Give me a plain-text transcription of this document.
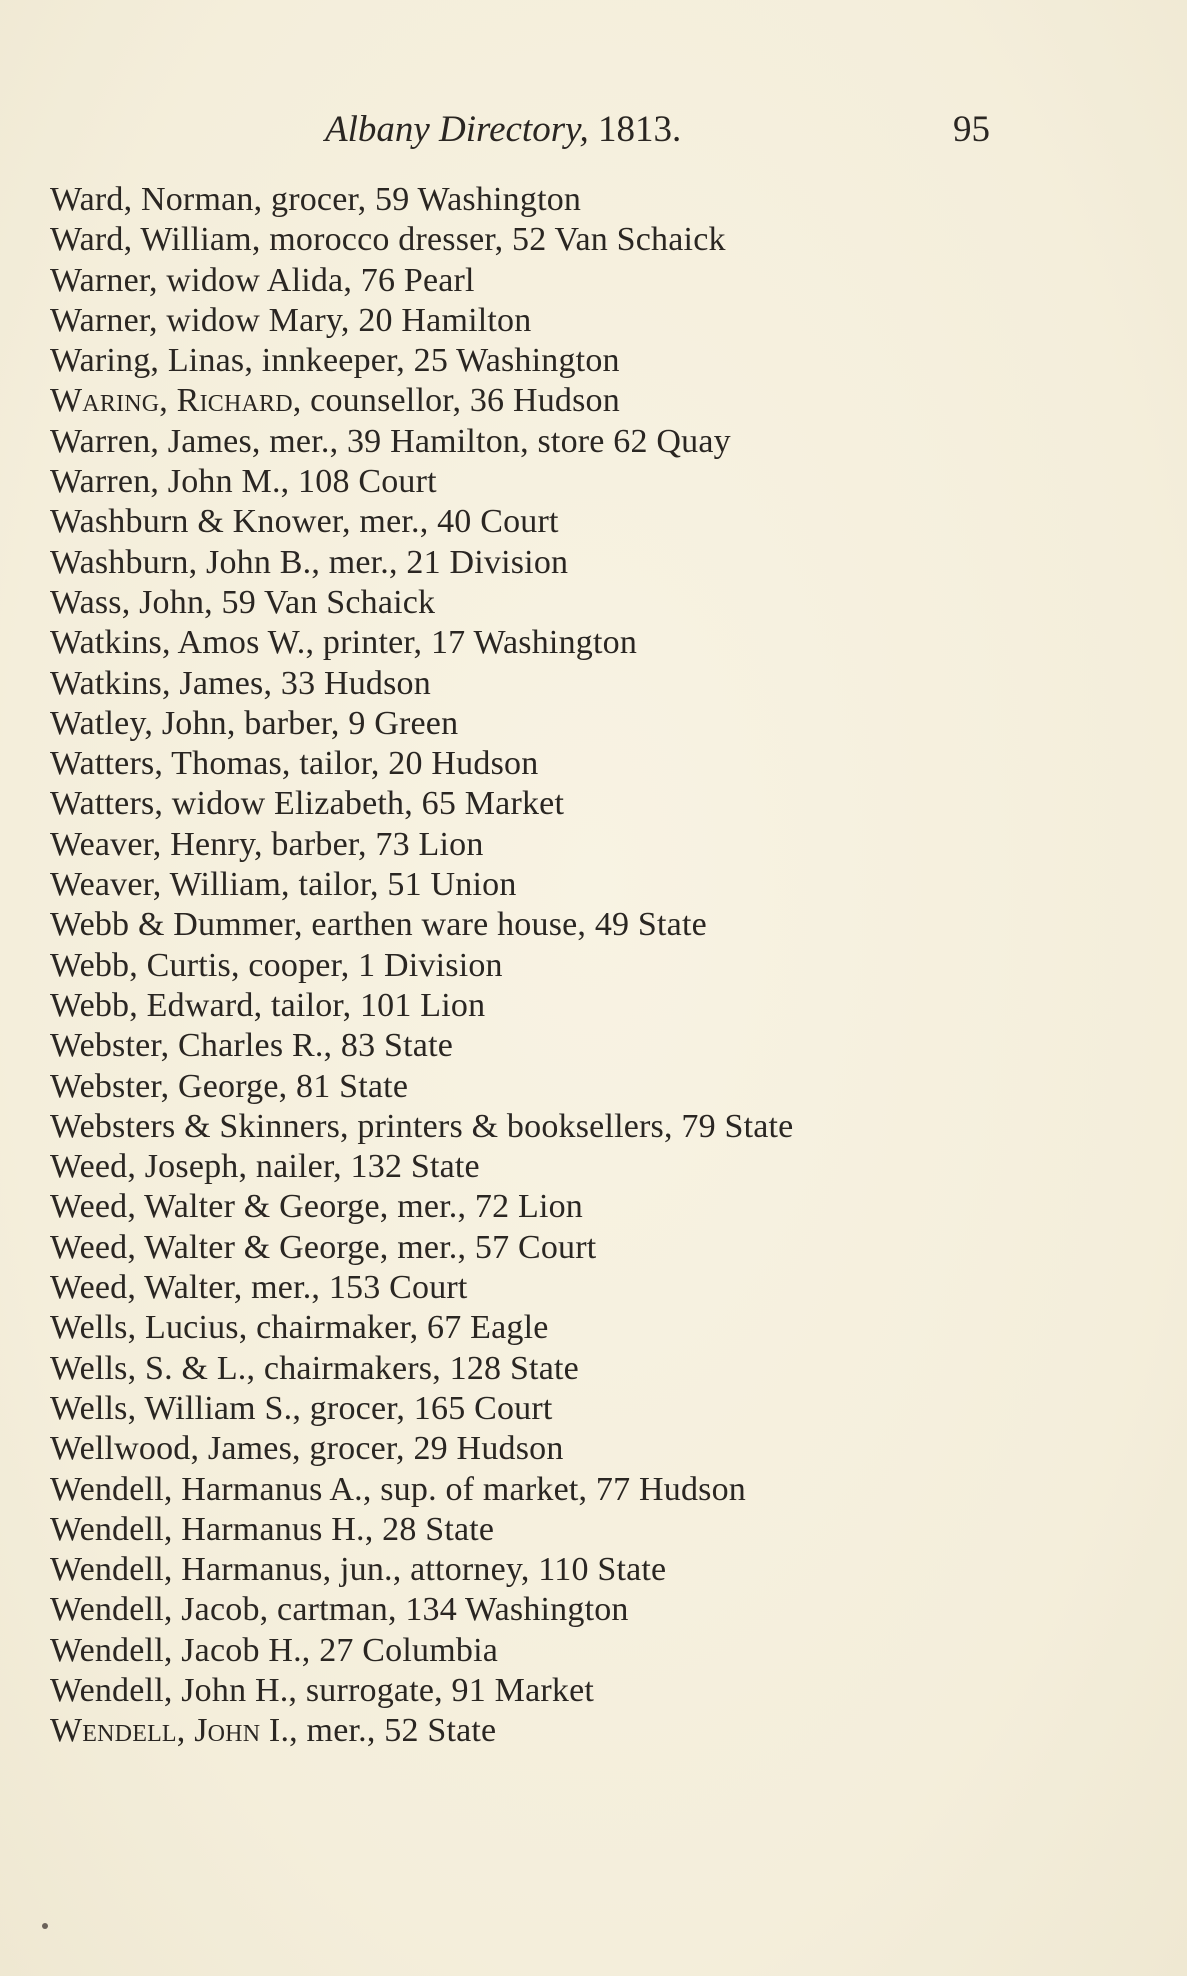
Albany Directory, 1813.	95
Ward, Norman, grocer, 59 Washington
Ward, William, morocco dresser, 52 Van Schaick
Warner, widow Alida, 76 Pearl
Warner, widow Mary, 20 Hamilton
Waring, Linas, innkeeper, 25 Washington
Waring, Richard, counsellor, 36 Hudson
Warren, James, mer., 39 Hamilton, store 62 Quay
Warren, John M., 108 Court
Washburn & Knower, mer., 40 Court
Washburn, John B., mer., 21 Division
Wass, John, 59 Van Schaick
Watkins, Amos W., printer, 17 Washington
Watkins, James, 33 Hudson
Watley, John, barber, 9 Green
Watters, Thomas, tailor, 20 Hudson
Watters, widow Elizabeth, 65 Market
Weaver, Henry, barber, 73 Lion
Weaver, William, tailor, 51 Union
Webb & Dummer, earthen ware house, 49 State
Webb, Curtis, cooper, 1 Division
Webb, Edward, tailor, 101 Lion
Webster, Charles R., 83 State
Webster, George, 81 State
Websters & Skinners, printers & booksellers, 79 State
Weed, Joseph, nailer, 132 State
Weed, Walter & George, mer., 72 Lion
Weed, Walter & George, mer., 57 Court
Weed, Walter, mer., 153 Court
Wells, Lucius, chairmaker, 67 Eagle
Wells, S. & L., chairmakers, 128 State
Wells, William S., grocer, 165 Court
Wellwood, James, grocer, 29 Hudson
Wendell, Harmanus A., sup. of market, 77 Hudson
Wendell, Harmanus H., 28 State
Wendell, Harmanus, jun., attorney, 110 State
Wendell, Jacob, cartman, 134 Washington
Wendell, Jacob H., 27 Columbia
Wendell, John H., surrogate, 91 Market
Wendell, John I., mer., 52 State
